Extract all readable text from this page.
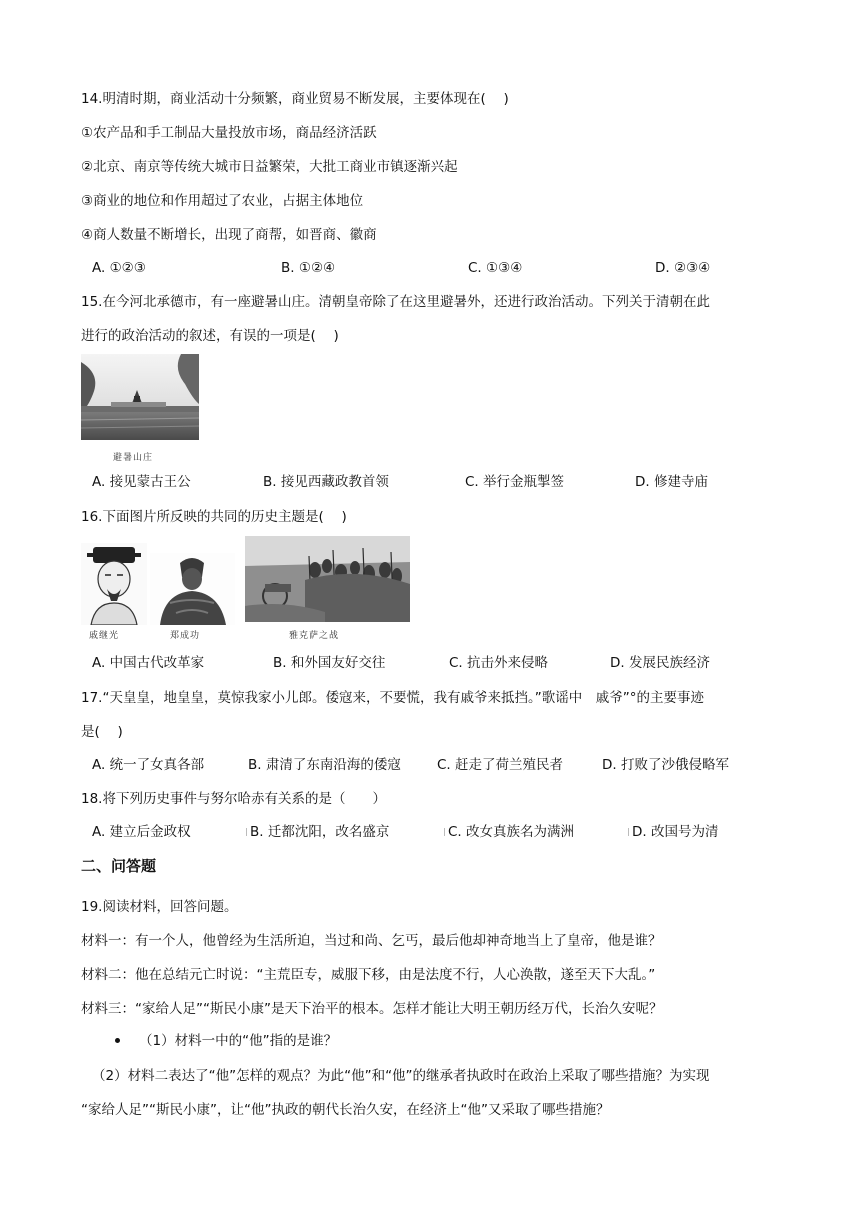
14.明清时期，商业活动十分频繁，商业贸易不断发展，主要体现在(　 )
①农产品和手工制品大量投放市场，商品经济活跃
②北京、南京等传统大城市日益繁荣，大批工商业市镇逐渐兴起
③商业的地位和作用超过了农业，占据主体地位
④商人数量不断增长，出现了商帮，如晋商、徽商
A. ①②③	B. ①②④	C. ①③④	D. ②③④
15.在今河北承德市，有一座避暑山庄。清朝皇帝除了在这里避暑外，还进行政治活动。下列关于清朝在此
进行的政治活动的叙述，有误的一项是(　 )
避暑山庄
A. 接见蒙古王公	B. 接见西藏政教首领	C. 举行金瓶掣签	D. 修建寺庙
16.下面图片所反映的共同的历史主题是(　 )
戚继光	郑成功	雅克萨之战
A. 中国古代改革家	B. 和外国友好交往	C. 抗击外来侵略	D. 发展民族经济
17.“天皇皇，地皇皇，莫惊我家小儿郎。倭寇来，不要慌，我有戚爷来抵挡。”歌谣中　戚爷”°的主要事迹
是(　 )
A. 统一了女真各部	B. 肃清了东南沿海的倭寇	C. 赶走了荷兰殖民者	D. 打败了沙俄侵略军
18.将下列历史事件与努尔哈赤有关系的是（　　）
A. 建立后金政权	B. 迁都沈阳，改名盛京	C. 改女真族名为满洲	D. 改国号为清
二、问答题
19.阅读材料，回答问题。
材料一：有一个人，他曾经为生活所迫，当过和尚、乞丐，最后他却神奇地当上了皇帝，他是谁？
材料二：他在总结元亡时说：“主荒臣专，威服下移，由是法度不行，人心涣散，遂至天下大乱。”
材料三：“家给人足”“斯民小康”是天下治平的根本。怎样才能让大明王朝历经万代，长治久安呢？
（1）材料一中的“他”指的是谁？
（2）材料二表达了“他”怎样的观点？为此“他”和“他”的继承者执政时在政治上采取了哪些措施？为实现
“家给人足”“斯民小康”，让“他”执政的朝代长治久安，在经济上“他”又采取了哪些措施？
